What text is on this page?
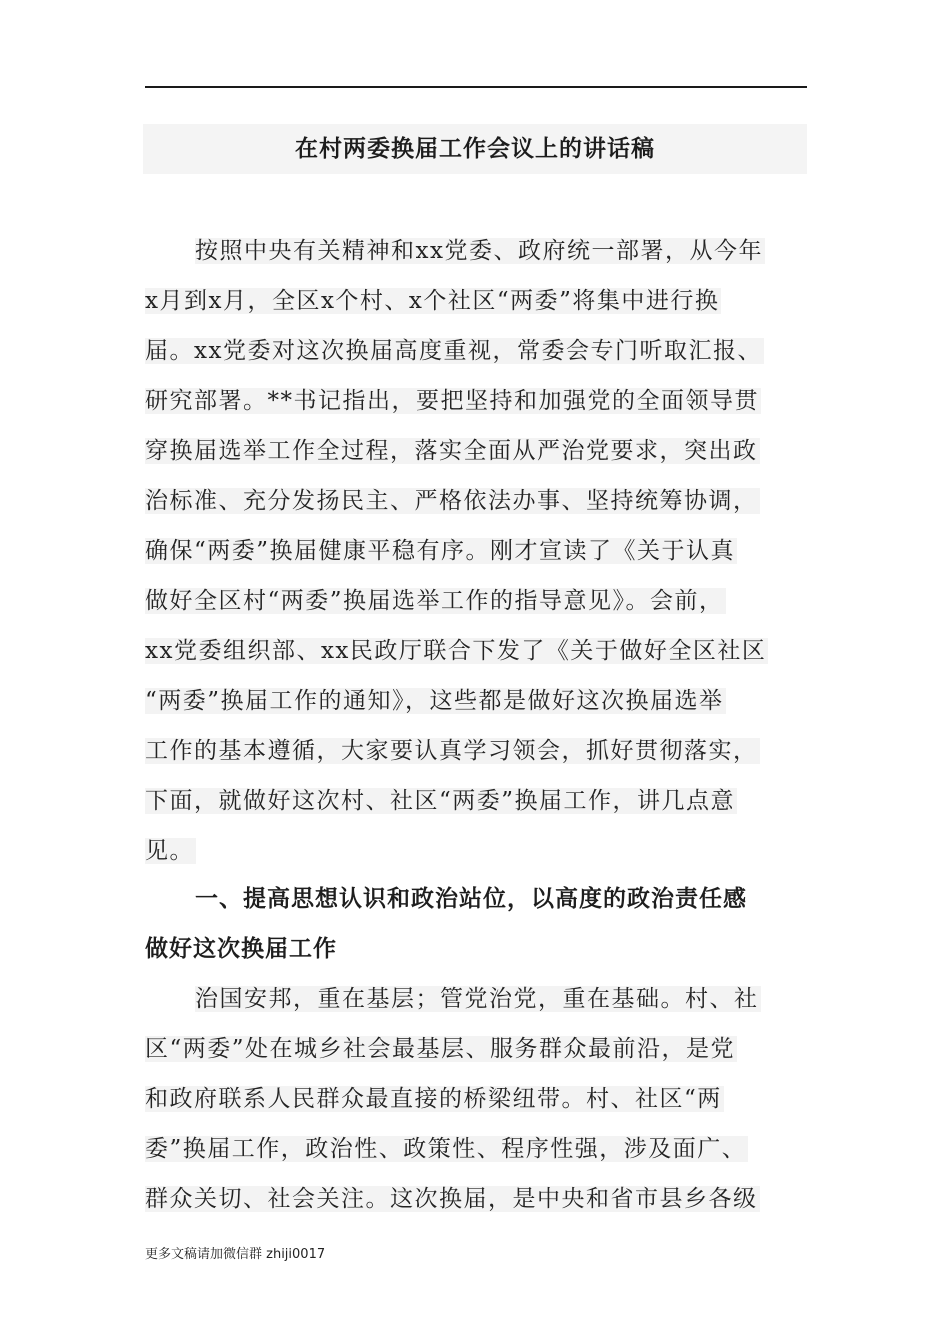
在村两委换届工作会议上的讲话稿
按照中央有关精神和xx党委、政府统一部署，从今年
x月到x月，全区x个村、x个社区“两委”将集中进行换
届。xx党委对这次换届高度重视，常委会专门听取汇报、
研究部署。**书记指出，要把坚持和加强党的全面领导贯
穿换届选举工作全过程，落实全面从严治党要求，突出政
治标准、充分发扬民主、严格依法办事、坚持统筹协调，
确保“两委”换届健康平稳有序。刚才宣读了《关于认真
做好全区村“两委”换届选举工作的指导意见》。会前，
xx党委组织部、xx民政厅联合下发了《关于做好全区社区
“两委”换届工作的通知》，这些都是做好这次换届选举
工作的基本遵循，大家要认真学习领会，抓好贯彻落实，
下面，就做好这次村、社区“两委”换届工作，讲几点意
见。
一、提高思想认识和政治站位，以高度的政治责任感
做好这次换届工作
治国安邦，重在基层；管党治党，重在基础。村、社
区“两委”处在城乡社会最基层、服务群众最前沿，是党
和政府联系人民群众最直接的桥梁纽带。村、社区“两
委”换届工作，政治性、政策性、程序性强，涉及面广、
群众关切、社会关注。这次换届，是中央和省市县乡各级
更多文稿请加微信群 zhiji0017
